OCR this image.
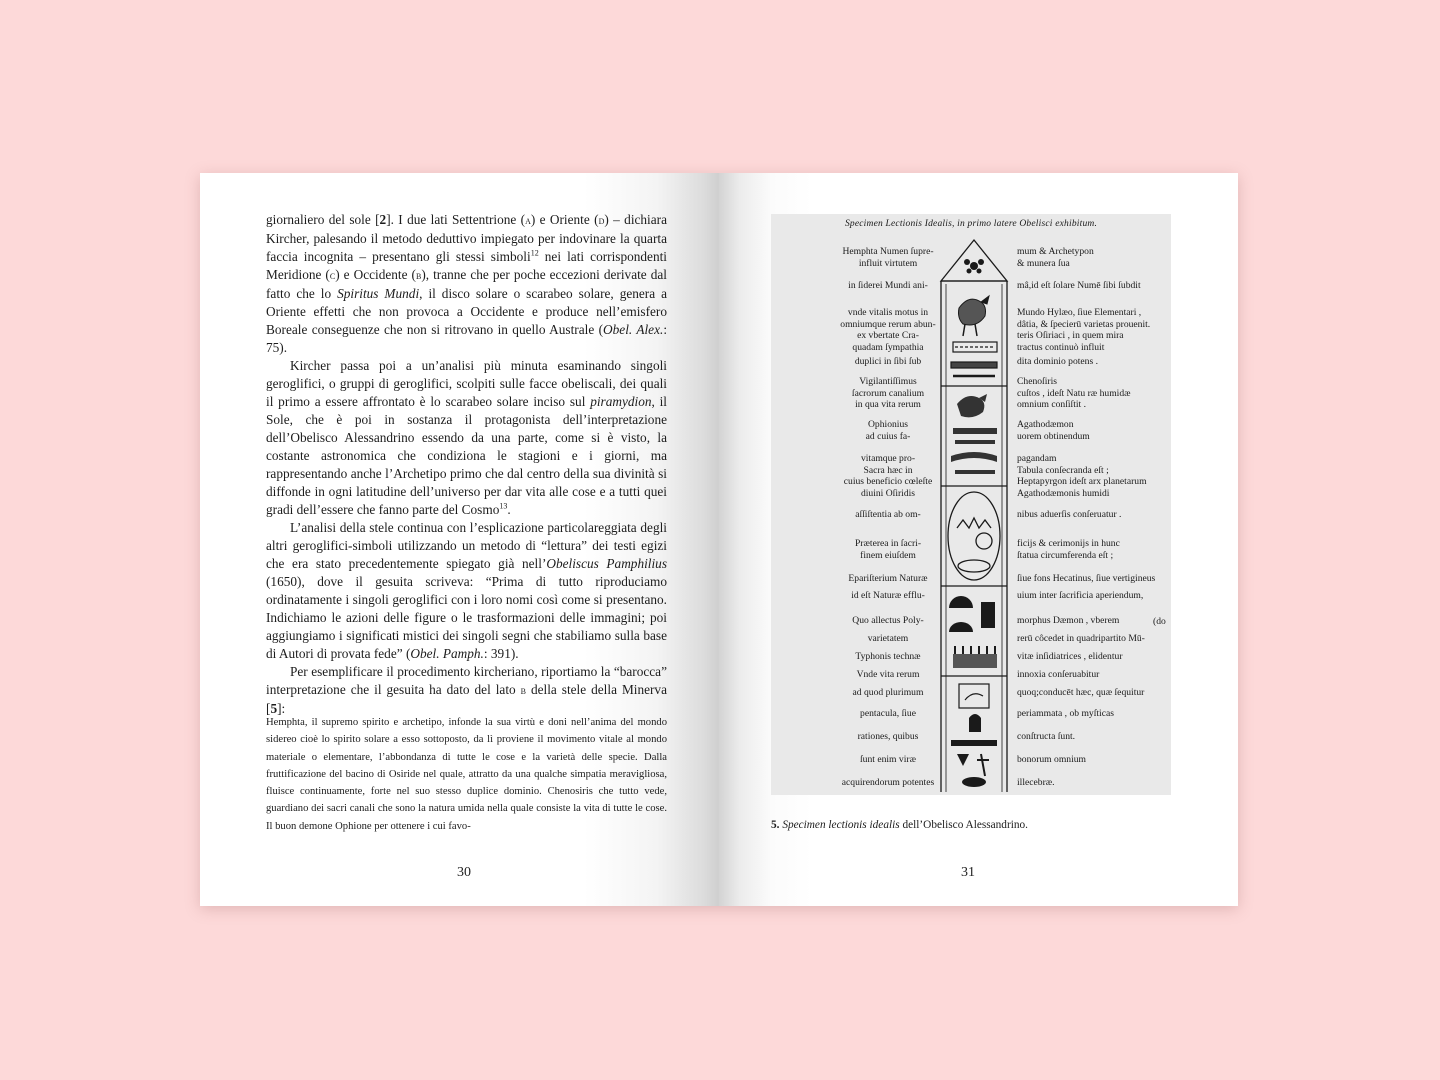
giornaliero del sole [2]. I due lati Settentrione (a) e Oriente (d) – dichiara Kircher, palesando il metodo deduttivo impiegato per indovinare la quarta faccia incognita – presentano gli stessi simboli$^{12}$ nei lati corrispondenti Meridione (c) e Occidente (b), tranne che per poche eccezioni derivate dal fatto che lo Spiritus Mundi, il disco solare o scarabeo solare, genera a Oriente effetti che non provoca a Occidente e produce nell’emisfero Boreale conseguenze che non si ritrovano in quello Australe (Obel. Alex.: 75).

Kircher passa poi a un’analisi più minuta esaminando singoli geroglifici, o gruppi di geroglifici, scolpiti sulle facce obeliscali, dei quali il primo a essere affrontato è lo scarabeo solare inciso sul piramydion, il Sole, che è poi in sostanza il protagonista dell’interpretazione dell’Obelisco Alessandrino essendo da una parte, come si è visto, la costante astronomica che condiziona le stagioni e i giorni, ma rappresentando anche l’Archetipo primo che dal centro della sua divinità si diffonde in ogni latitudine dell’universo per dar vita alle cose e a tutti quei gradi dell’essere che fanno parte del Cosmo$^{13}$.

L’analisi della stele continua con l’esplicazione particolareggiata degli altri geroglifici-simboli utilizzando un metodo di “lettura” dei testi egizi che era stato precedentemente spiegato già nell’Obeliscus Pamphilius (1650), dove il gesuita scriveva: “Prima di tutto riproduciamo ordinatamente i singoli geroglifici con i loro nomi così come si presentano. Indichiamo le azioni delle figure o le trasformazioni delle immagini; poi aggiungiamo i significati mistici dei singoli segni che stabiliamo sulla base di Autori di provata fede” (Obel. Pamph.: 391).

Per esemplificare il procedimento kircheriano, riportiamo la “barocca” interpretazione che il gesuita ha dato del lato b della stele della Minerva [5]:

Hemphta, il supremo spirito e archetipo, infonde la sua virtù e doni nell’anima del mondo sidereo cioè lo spirito solare a esso sottoposto, da lì proviene il movimento vitale al mondo materiale o elementare, l’abbondanza di tutte le cose e la varietà delle specie. Dalla fruttificazione del bacino di Osiride nel quale, attratto da una qualche simpatia meravigliosa, fluisce continuamente, forte nel suo stesso duplice dominio. Chenosiris che tutto vede, guardiano dei sacri canali che sono la natura umida nella quale consiste la vita di tutte le cose. Il buon demone Ophione per ottenere i cui favo-

30
Specimen Lectionis Idealis, in primo latere Obelisci exhibitum.
Hemphta Numen ſupre-
influit virtutem
in ſiderei Mundi ani-
vnde vitalis motus in
omniumque rerum abun-
ex vbertate Cra-
quadam ſympathia
duplici in ſibi ſub
Vigilantiſſimus
ſacrorum canalium
in qua vita rerum
Ophionius
ad cuius fa-
vitamque pro-
Sacra hæc in
cuius beneficio cœleſte
diuini Oſiridis
aſſiſtentia ab om-
Præterea in ſacri-
finem eiuſdem
Epariſterium Naturæ
id eſt Naturæ efflu-
Quo allectus Poly-
varietatem
Typhonis technæ
Vnde vita rerum
ad quod plurimum
pentacula, ſiue
rationes, quibus
ſunt enim viræ
acquirendorum potentes
mum & Archetypon
& munera ſua
mâ,id eſt ſolare Numē ſibi ſubdit
Mundo Hylæo, ſiue Elementari ,
dâtia, & ſpecierū varietas prouenit.
teris Oſiriaci , in quem mira
tractus continuò influit
dita dominio potens .
Chenoſiris
cuſtos , ideſt Natu ræ humidæ
omnium conſiſtit .
Agathodæmon
uorem obtinendum
pagandam
Tabula conſecranda eſt ;
Heptapyrgon ideſt arx planetarum
Agathodæmonis humidi
nibus aduerſis conſeruatur .
ficijs & cerimoniјs in hunc
ſtatua circumferenda eſt ;
ſiue fons Hecatinus, ſiue vertigineus
uium inter ſacrificia aperiendum,
morphus Dæmon , vberem
rerū côcedet in quadripartito Mū-
vitæ inſidiatrices , elidentur
innoxia conſeruabitur
quoq;conducēt hæc, quæ ſequitur
periammata , ob myſticas
conſtructa ſunt.
bonorum omnium
illecebræ.
(do
5. Specimen lectionis idealis dell’Obelisco Alessandrino.
31
